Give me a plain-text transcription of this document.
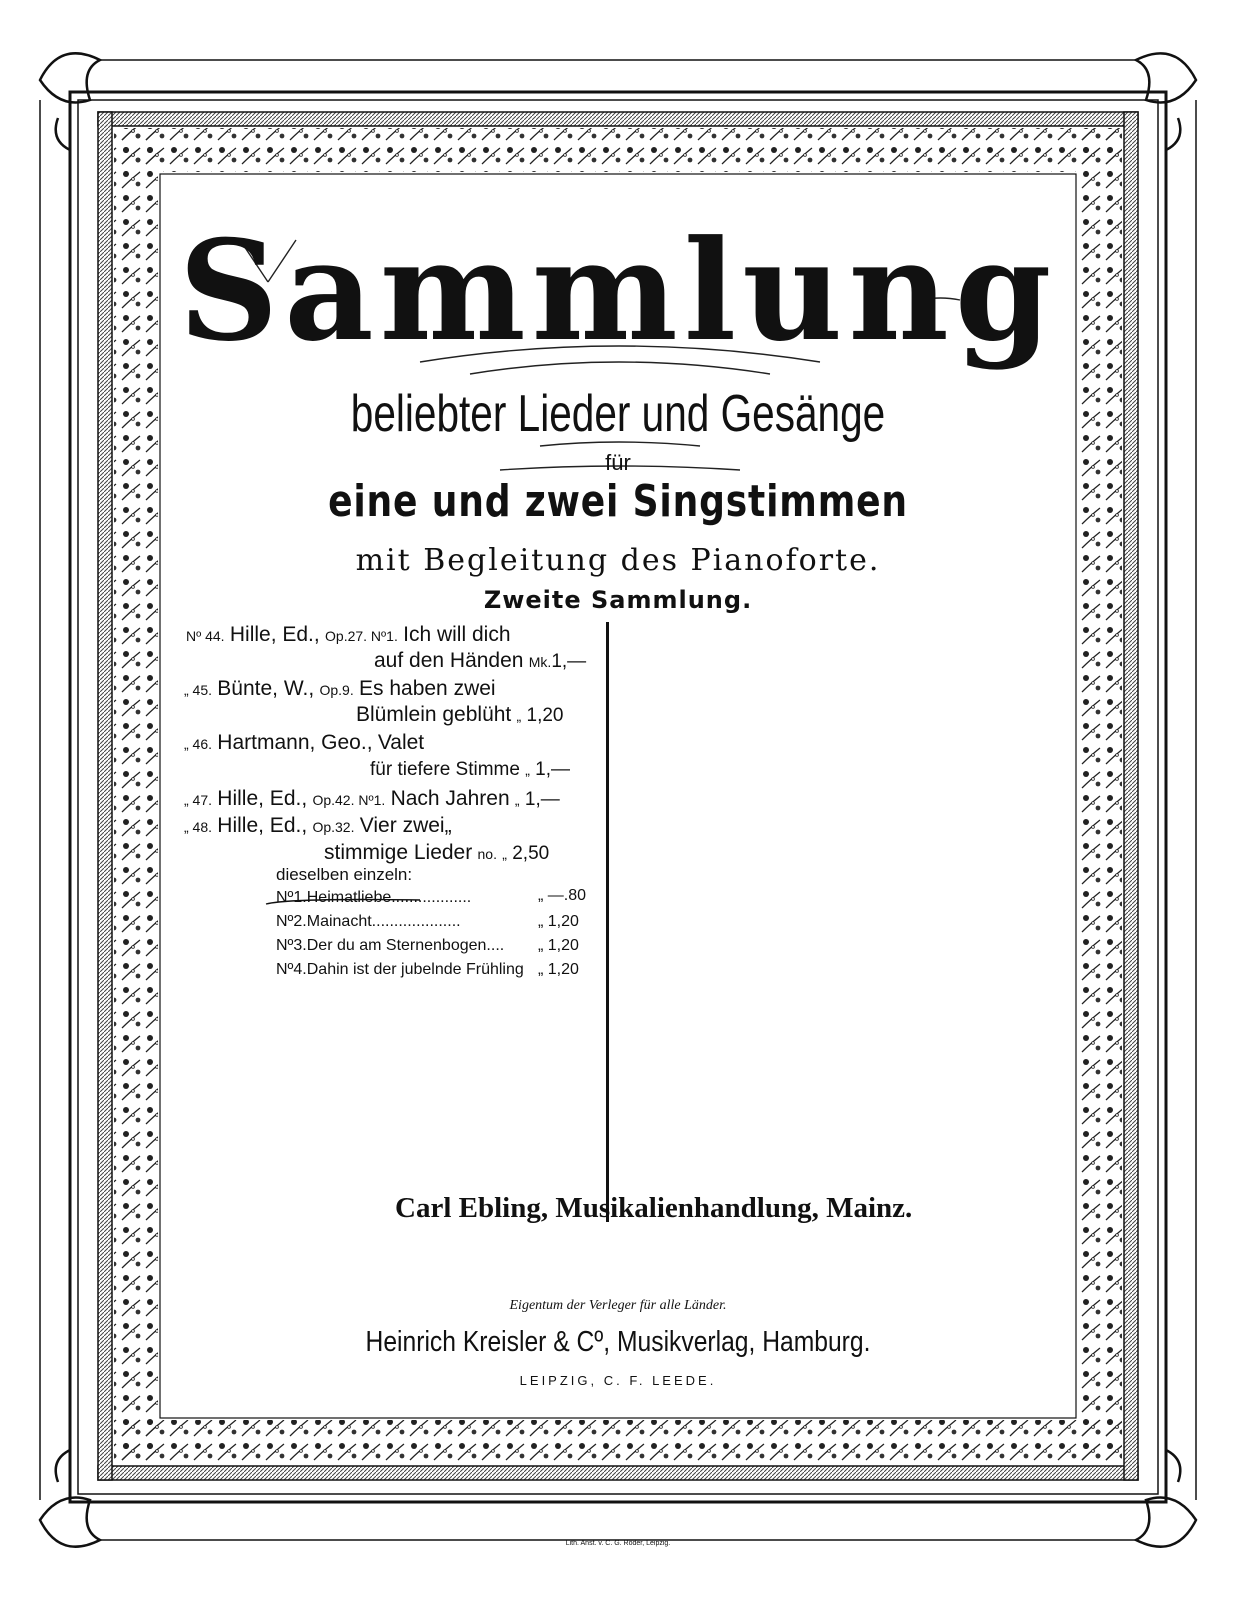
Sammlung
beliebter Lieder und Gesänge
für
eine und zwei Singstimmen
mit Begleitung des Pianoforte.
Zweite Sammlung.
Nº 44. Hille, Ed., Op.27. Nº1. Ich will dich
auf den Händen Mk.1,—
„ 45. Bünte, W., Op.9. Es haben zwei
Blümlein geblüht „ 1,20
„ 46. Hartmann, Geo., Valet
für tiefere Stimme „ 1,—
„ 47. Hille, Ed., Op.42. Nº1. Nach Jahren „ 1,—
„ 48. Hille, Ed., Op.32. Vier zwei„
stimmige Lieder no. „ 2,50
dieselben einzeln:
Nº1.Heimatliebe..................	„ —.80
Nº2.Mainacht....................	„ 1,20
Nº3.Der du am Sternenbogen.... „ 1,20
Nº4.Dahin ist der jubelnde Frühling „ 1,20
Carl Ebling, Musikalienhandlung, Mainz.
Eigentum der Verleger für alle Länder.
Heinrich Kreisler & Cº, Musikverlag, Hamburg.
LEIPZIG, C. F. LEEDE.
Lith. Anst. v. C. G. Röder, Leipzig.
